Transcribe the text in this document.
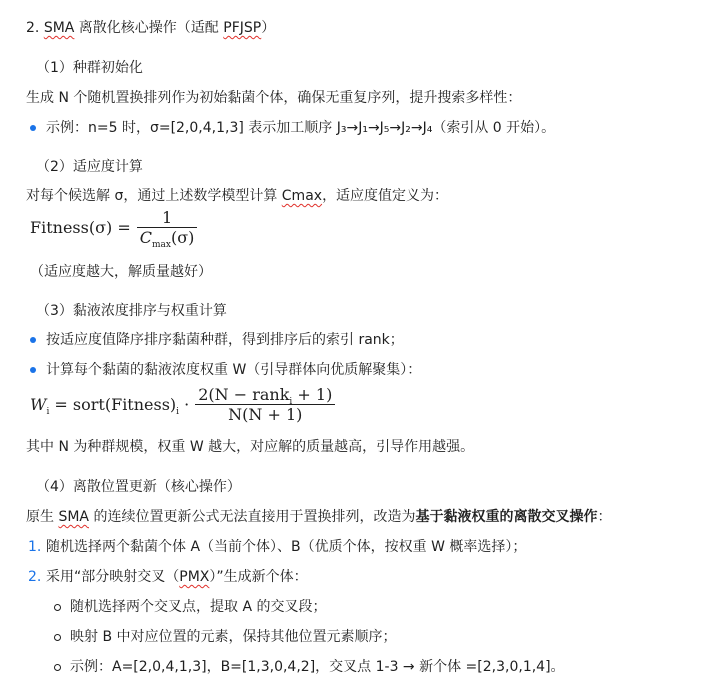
2. SMA 离散化核心操作（适配 PFJSP）
（1）种群初始化
生成 N 个随机置换排列作为初始黏菌个体，确保无重复序列，提升搜索多样性：
示例：n=5 时，σ=[2,0,4,1,3] 表示加工顺序 J₃→J₁→J₅→J₂→J₄（索引从 0 开始）。
（2）适应度计算
对每个候选解 σ，通过上述数学模型计算 Cmax，适应度值定义为：
Fitness(σ) = $\frac{1}{C_{max}(\sigma)}$
（适应度越大，解质量越好）
（3）黏液浓度排序与权重计算
按适应度值降序排序黏菌种群，得到排序后的索引 rank；
计算每个黏菌的黏液浓度权重 W（引导群体向优质解聚集）：
$W_i$ = $sort(Fitness)_i \cdot \frac{2(N - rank_i + 1)}{N(N + 1)}$
其中 N 为种群规模，权重 W 越大，对应解的质量越高，引导作用越强。
（4）离散位置更新（核心操作）
原生 SMA 的连续位置更新公式无法直接用于置换排列，改造为基于黏液权重的离散交叉操作：
1. 随机选择两个黏菌个体 A（当前个体）、B（优质个体，按权重 W 概率选择）；
2. 采用“部分映射交叉（PMX）”生成新个体：
随机选择两个交叉点，提取 A 的交叉段；
映射 B 中对应位置的元素，保持其他位置元素顺序；
示例：A=[2,0,4,1,3]，B=[1,3,0,4,2]，交叉点 1-3 → 新个体 =[2,3,0,1,4]。
